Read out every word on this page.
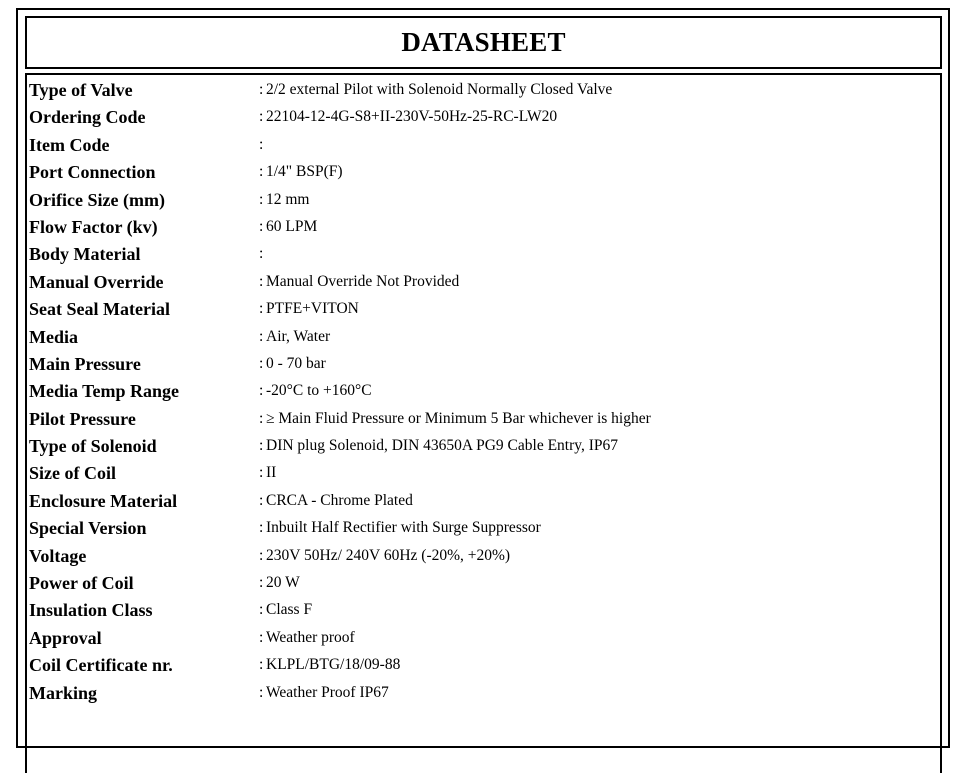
DATASHEET
Type of Valve	: 2/2 external Pilot with Solenoid Normally Closed Valve
Ordering Code	: 22104-12-4G-S8+II-230V-50Hz-25-RC-LW20
Item Code	:
Port Connection	: 1/4" BSP(F)
Orifice Size (mm)	: 12 mm
Flow Factor (kv)	: 60 LPM
Body Material	:
Manual Override	: Manual Override Not Provided
Seat Seal Material	: PTFE+VITON
Media	: Air, Water
Main Pressure	: 0 - 70 bar
Media Temp Range	: -20°C to +160°C
Pilot Pressure	: ≥ Main Fluid Pressure or Minimum 5 Bar whichever is higher
Type of Solenoid	: DIN plug Solenoid, DIN 43650A PG9 Cable Entry, IP67
Size of Coil	: II
Enclosure Material	: CRCA - Chrome Plated
Special Version	: Inbuilt Half Rectifier with Surge Suppressor
Voltage	: 230V 50Hz/ 240V 60Hz (-20%, +20%)
Power of Coil	: 20 W
Insulation Class	: Class F
Approval	: Weather proof
Coil Certificate nr.	: KLPL/BTG/18/09-88
Marking	: Weather Proof IP67
